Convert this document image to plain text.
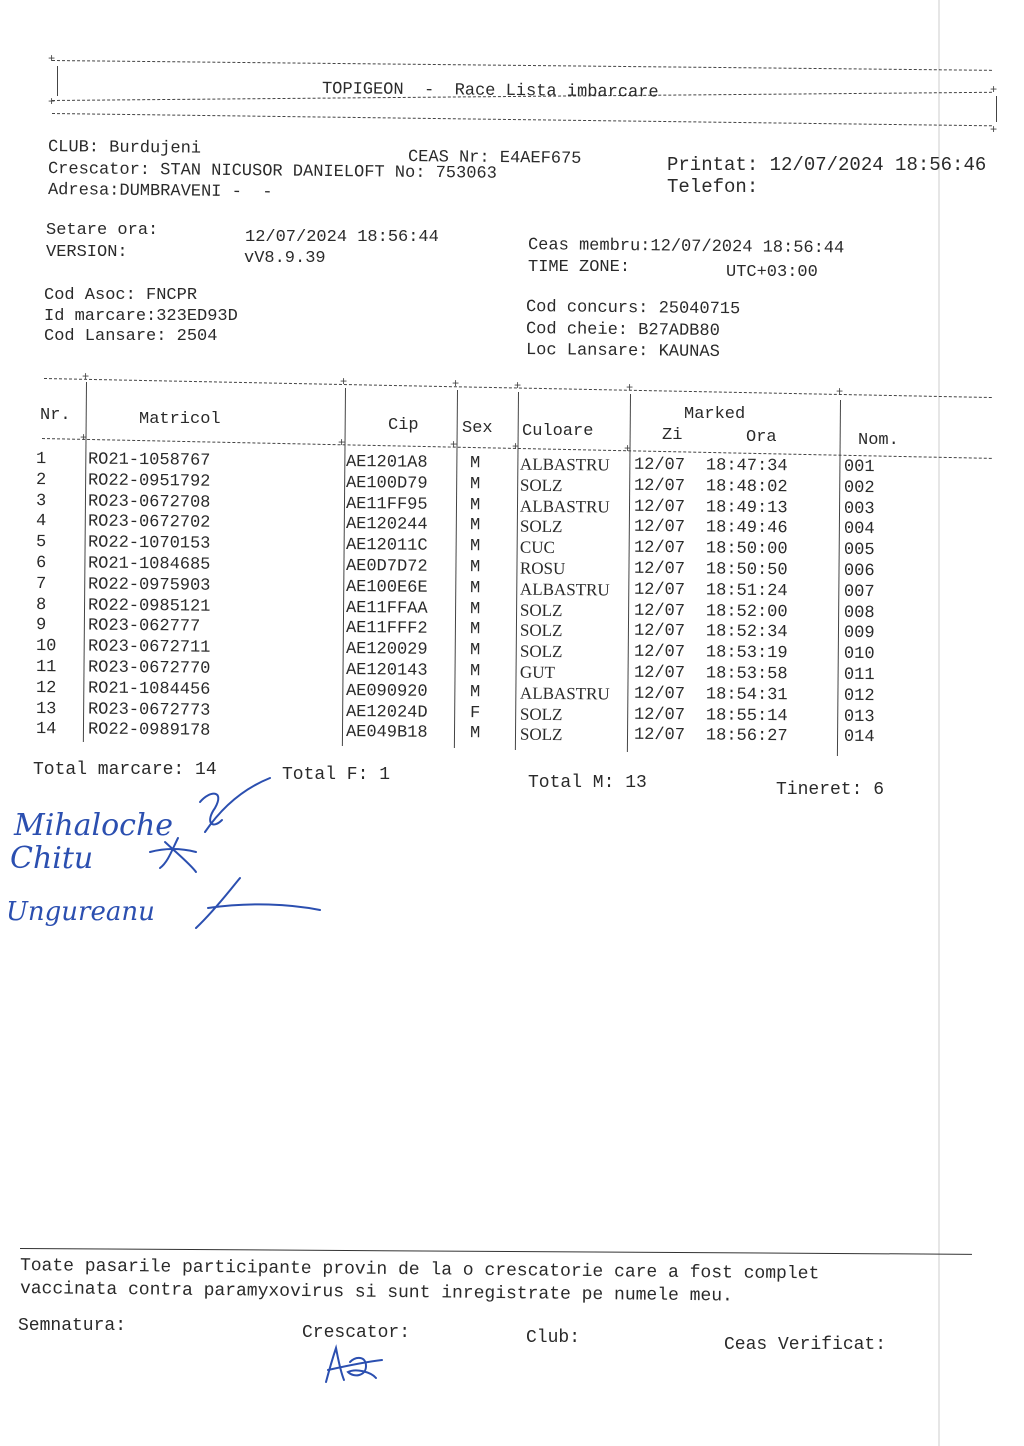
+
+
+
+
TOPIGEON  -  Race Lista imbarcare
CLUB: Burdujeni	CEAS Nr: E4AEF675	Printat: 12/07/2024 18:56:46
Crescator: STAN NICUSOR DANIELOFT No: 753063
Telefon:
Adresa:DUMBRAVENI -  -
Setare ora:	12/07/2024 18:56:44
VERSION:	vV8.9.39
Ceas membru:12/07/2024 18:56:44
TIME ZONE:	UTC+03:00
Cod Asoc: FNCPR
Id marcare:323ED93D
Cod Lansare: 2504
Cod concurs: 25040715
Cod cheie: B27ADB80
Loc Lansare: KAUNAS
+	+	+	+	+	+
+	+	+	+	+
Nr.	Matricol	Cip	Sex Culoare
Marked
Zi	Ora	Nom.
1 RO21-1058767	AE1201A8 M ALBASTRU 12/07 18:47:34	001
2 RO22-0951792	AE100D79 M SOLZ	12/07 18:48:02	002
3 RO23-0672708	AE11FF95 M ALBASTRU 12/07 18:49:13	003
4 RO23-0672702	AE120244 M SOLZ	12/07 18:49:46	004
5 RO22-1070153	AE12011C M CUC	12/07 18:50:00	005
6 RO21-1084685	AE0D7D72 M ROSU	12/07 18:50:50	006
7 RO22-0975903	AE100E6E M ALBASTRU 12/07 18:51:24	007
8 RO22-0985121	AE11FFAA M SOLZ	12/07 18:52:00	008
9 RO23-062777	AE11FFF2 M SOLZ	12/07 18:52:34	009
10 RO23-0672711	AE120029 M SOLZ	12/07 18:53:19	010
11 RO23-0672770	AE120143 M GUT	12/07 18:53:58	011
12 RO21-1084456	AE090920 M ALBASTRU 12/07 18:54:31	012
13 RO23-0672773	AE12024D F SOLZ	12/07 18:55:14	013
14 RO22-0989178	AE049B18 M SOLZ	12/07 18:56:27	014
Total marcare: 14	Total F: 1	Total M: 13	Tineret: 6
Mihaloche
Chitu
Ungureanu
Toate pasarile participante provin de la o crescatorie care a fost complet
vaccinata contra paramyxovirus si sunt inregistrate pe numele meu.
Semnatura:	Crescator:	Club:	Ceas Verificat:
